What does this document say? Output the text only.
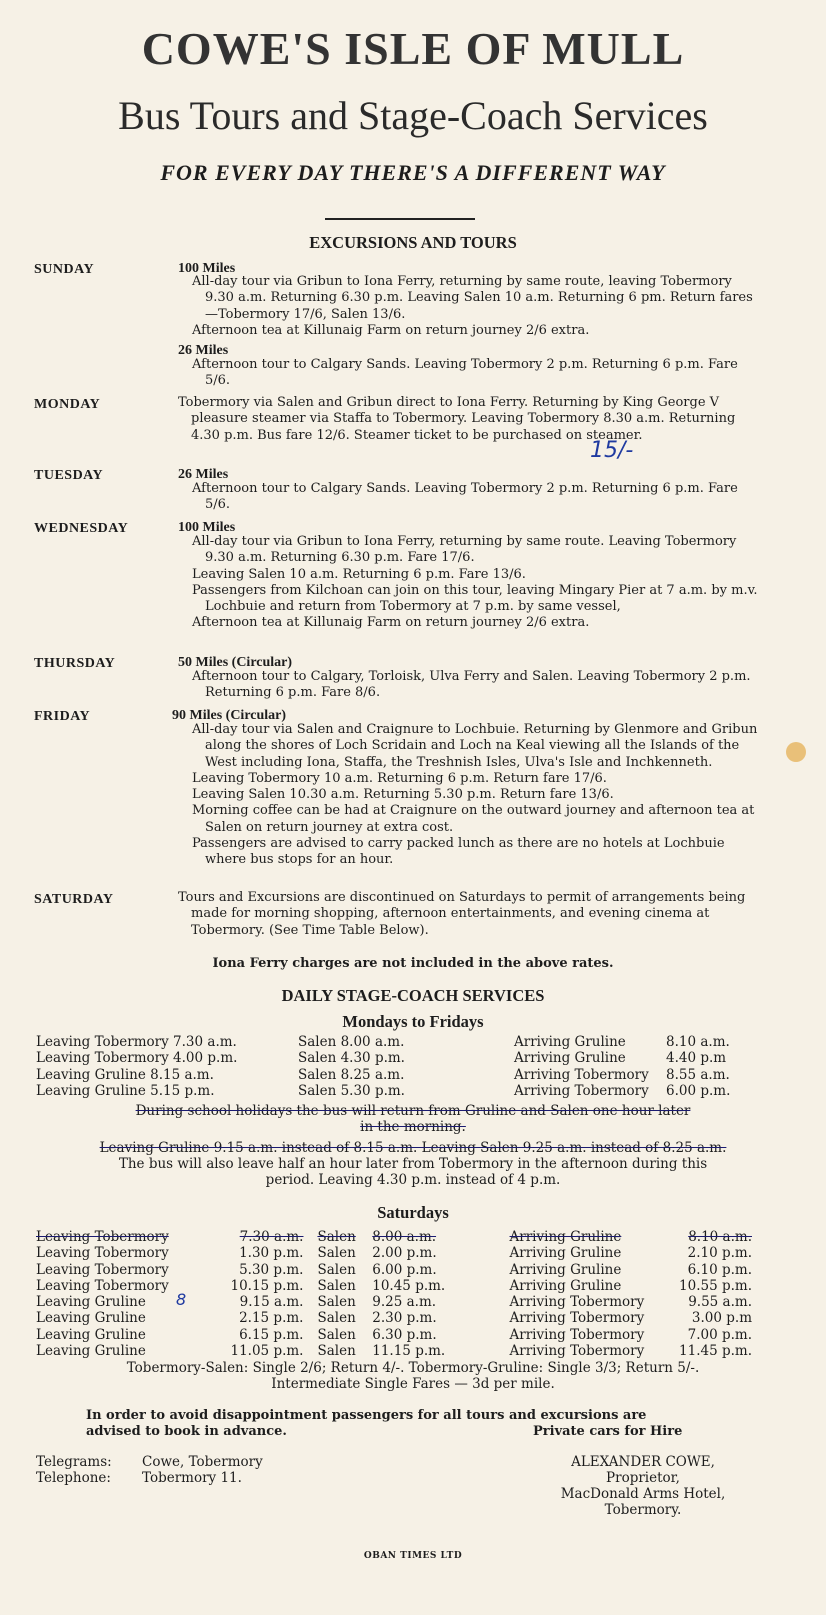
COWE'S ISLE OF MULL
Bus Tours and Stage-Coach Services
FOR EVERY DAY THERE'S A DIFFERENT WAY
EXCURSIONS AND TOURS
SUNDAY	100 Miles

All-day tour via Gribun to Iona Ferry, returning by same route, leaving Tobermory 9.30 a.m. Returning 6.30 p.m. Leaving Salen 10 a.m. Returning 6 pm. Return fares—Tobermory 17/6, Salen 13/6.

Afternoon tea at Killunaig Farm on return journey 2/6 extra.

26 Miles

Afternoon tour to Calgary Sands. Leaving Tobermory 2 p.m. Returning 6 p.m. Fare 5/6.

MONDAY	Tobermory via Salen and Gribun direct to Iona Ferry. Returning by King George V pleasure steamer via Staffa to Tobermory. Leaving Tobermory 8.30 a.m. Returning 4.30 p.m. Bus fare 12/6. Steamer ticket to be purchased on steamer.

15/-
TUESDAY	26 Miles

Afternoon tour to Calgary Sands. Leaving Tobermory 2 p.m. Returning 6 p.m. Fare 5/6.

WEDNESDAY	100 Miles

All-day tour via Gribun to Iona Ferry, returning by same route. Leaving Tobermory 9.30 a.m. Returning 6.30 p.m. Fare 17/6.

Leaving Salen 10 a.m. Returning 6 p.m. Fare 13/6.

Passengers from Kilchoan can join on this tour, leaving Mingary Pier at 7 a.m. by m.v. Lochbuie and return from Tobermory at 7 p.m. by same vessel,

Afternoon tea at Killunaig Farm on return journey 2/6 extra.

THURSDAY	50 Miles (Circular)

Afternoon tour to Calgary, Torloisk, Ulva Ferry and Salen. Leaving Tobermory 2 p.m. Returning 6 p.m. Fare 8/6.

FRIDAY	90 Miles (Circular)

All-day tour via Salen and Craignure to Lochbuie. Returning by Glenmore and Gribun along the shores of Loch Scridain and Loch na Keal viewing all the Islands of the West including Iona, Staffa, the Treshnish Isles, Ulva's Isle and Inchkenneth.

Leaving Tobermory 10 a.m. Returning 6 p.m. Return fare 17/6.

Leaving Salen 10.30 a.m. Returning 5.30 p.m. Return fare 13/6.

Morning coffee can be had at Craignure on the outward journey and afternoon tea at Salen on return journey at extra cost.

Passengers are advised to carry packed lunch as there are no hotels at Lochbuie where bus stops for an hour.

SATURDAY	Tours and Excursions are discontinued on Saturdays to permit of arrangements being made for morning shopping, afternoon entertainments, and evening cinema at Tobermory. (See Time Table Below).

Iona Ferry charges are not included in the above rates.
DAILY STAGE-COACH SERVICES
Mondays to Fridays
Leaving Tobermory 7.30 a.m.	Salen 8.00 a.m.	Arriving Gruline	8.10 a.m.
Leaving Tobermory 4.00 p.m.	Salen 4.30 p.m.	Arriving Gruline	4.40 p.m
Leaving Gruline 8.15 a.m.	Salen 8.25 a.m.	Arriving Tobermory	8.55 a.m.
Leaving Gruline 5.15 p.m.	Salen 5.30 p.m.	Arriving Tobermory	6.00 p.m.
During school holidays the bus will return from Gruline and Salen one hour later
in the morning.
Leaving Gruline 9.15 a.m. instead of 8.15 a.m. Leaving Salen 9.25 a.m. instead of 8.25 a.m.
The bus will also leave half an hour later from Tobermory in the afternoon during this
period. Leaving 4.30 p.m. instead of 4 p.m.
Saturdays
Leaving Tobermory	7.30 a.m.	Salen	8.00 a.m.	Arriving Gruline	8.10 a.m.
Leaving Tobermory	1.30 p.m.	Salen	2.00 p.m.	Arriving Gruline	2.10 p.m.
Leaving Tobermory	5.30 p.m.	Salen	6.00 p.m.	Arriving Gruline	6.10 p.m.
Leaving Tobermory	10.15 p.m.	Salen	10.45 p.m.	Arriving Gruline	10.55 p.m.
Leaving Gruline	9.15 a.m.	Salen	9.25 a.m.	Arriving Tobermory	9.55 a.m.
Leaving Gruline	2.15 p.m.	Salen	2.30 p.m.	Arriving Tobermory	3.00 p.m
Leaving Gruline	6.15 p.m.	Salen	6.30 p.m.	Arriving Tobermory	7.00 p.m.
Leaving Gruline	11.05 p.m.	Salen	11.15 p.m.	Arriving Tobermory	11.45 p.m.
8
Tobermory-Salen: Single 2/6; Return 4/-. Tobermory-Gruline: Single 3/3; Return 5/-.
Intermediate Single Fares — 3d per mile.
In order to avoid disappointment passengers for all tours and excursions are
advised to book in advance.	Private cars for Hire
Telegrams: Cowe, Tobermory
Telephone: Tobermory 11.
ALEXANDER COWE,
Proprietor,
MacDonald Arms Hotel,
Tobermory.
OBAN TIMES LTD
